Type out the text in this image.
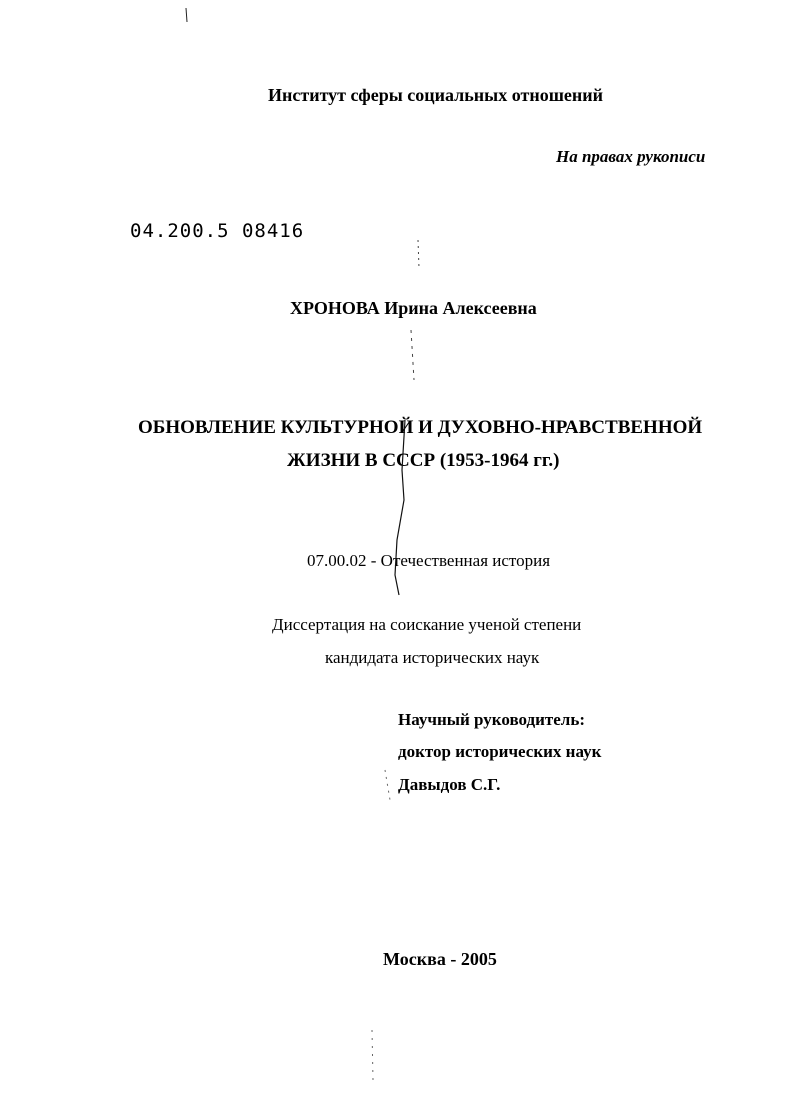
Институт сферы социальных отношений
На правах рукописи
04.200.5 08416
ХРОНОВА Ирина Алексеевна
ОБНОВЛЕНИЕ КУЛЬТУРНОЙ И ДУХОВНО-НРАВСТВЕННОЙ
ЖИЗНИ В СССР (1953-1964 гг.)
07.00.02 - Отечественная история
Диссертация на соискание ученой степени
кандидата исторических наук
Научный руководитель:
доктор исторических наук
Давыдов С.Г.
Москва - 2005
